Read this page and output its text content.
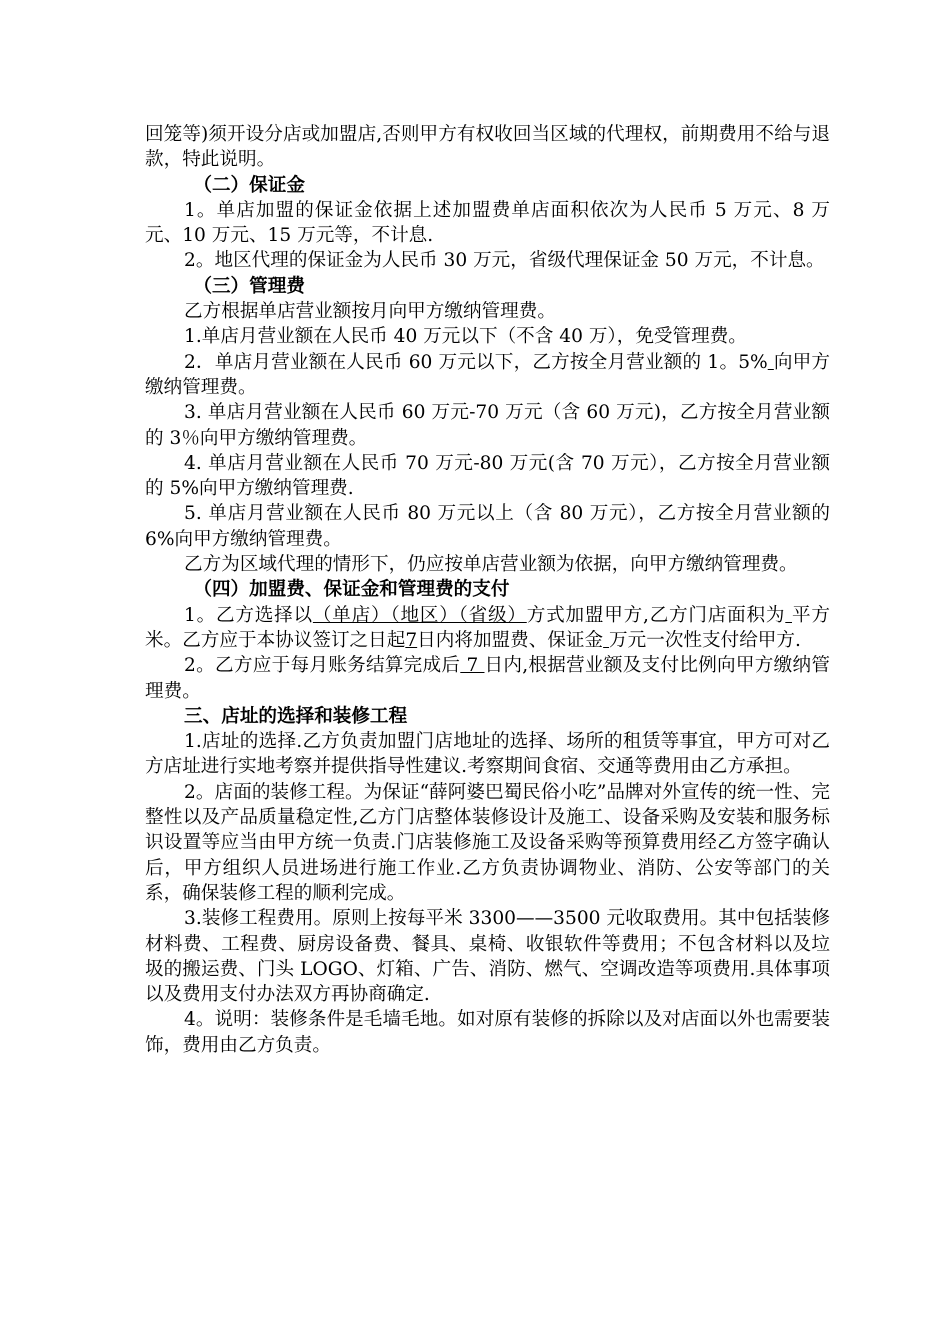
回笼等)须开设分店或加盟店,否则甲方有权收回当区域的代理权，前期费用不给与退款，特此说明。

（二）保证金

1。单店加盟的保证金依据上述加盟费单店面积依次为人民币 5 万元、8 万元、10 万元、15 万元等，不计息.

2。地区代理的保证金为人民币 30 万元，省级代理保证金 50 万元，不计息。

（三）管理费

乙方根据单店营业额按月向甲方缴纳管理费。

1.单店月营业额在人民币 40 万元以下（不含 40 万），免受管理费。

2．单店月营业额在人民币 60 万元以下，乙方按全月营业额的 1。5% 向甲方缴纳管理费。

3. 单店月营业额在人民币 60 万元-70 万元（含 60 万元)，乙方按全月营业额的 3％向甲方缴纳管理费。

4. 单店月营业额在人民币 70 万元-80 万元(含 70 万元），乙方按全月营业额的 5%向甲方缴纳管理费.

5. 单店月营业额在人民币 80 万元以上（含 80 万元），乙方按全月营业额的 6%向甲方缴纳管理费。

乙方为区域代理的情形下，仍应按单店营业额为依据，向甲方缴纳管理费。

（四）加盟费、保证金和管理费的支付

1。乙方选择以（单店）（地区）（省级）方式加盟甲方,乙方门店面积为 平方米。乙方应于本协议签订之日起7日内将加盟费、保证金 万元一次性支付给甲方.

2。乙方应于每月账务结算完成后 7 日内,根据营业额及支付比例向甲方缴纳管理费。

三、店址的选择和装修工程

1.店址的选择.乙方负责加盟门店地址的选择、场所的租赁等事宜，甲方可对乙方店址进行实地考察并提供指导性建议.考察期间食宿、交通等费用由乙方承担。

2。店面的装修工程。为保证“薛阿婆巴蜀民俗小吃”品牌对外宣传的统一性、完整性以及产品质量稳定性,乙方门店整体装修设计及施工、设备采购及安装和服务标识设置等应当由甲方统一负责.门店装修施工及设备采购等预算费用经乙方签字确认后，甲方组织人员进场进行施工作业.乙方负责协调物业、消防、公安等部门的关系，确保装修工程的顺利完成。

3.装修工程费用。原则上按每平米 3300——3500 元收取费用。其中包括装修材料费、工程费、厨房设备费、餐具、桌椅、收银软件等费用；不包含材料以及垃圾的搬运费、门头 LOGO、灯箱、广告、消防、燃气、空调改造等项费用.具体事项以及费用支付办法双方再协商确定.

4。说明：装修条件是毛墙毛地。如对原有装修的拆除以及对店面以外也需要装饰，费用由乙方负责。
